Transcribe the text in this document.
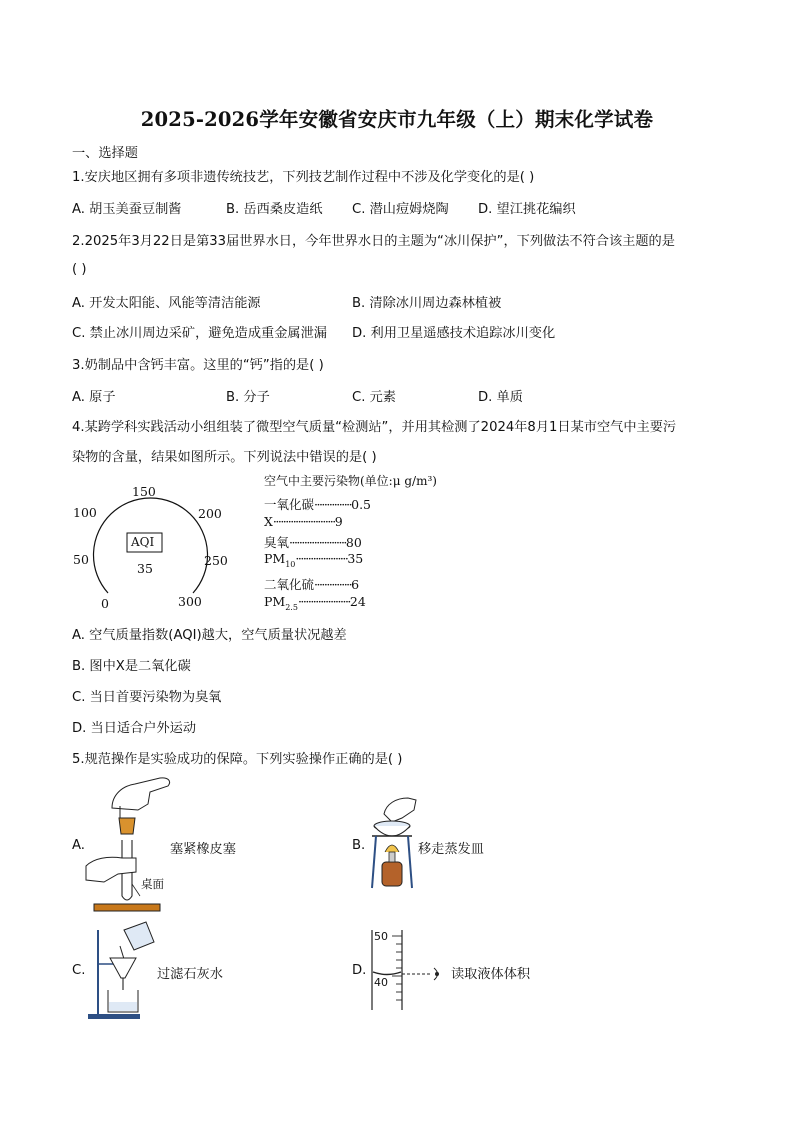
2025-2026学年安徽省安庆市九年级（上）期末化学试卷
一、选择题
1.安庆地区拥有多项非遗传统技艺，下列技艺制作过程中不涉及化学变化的是( )
A. 胡玉美蚕豆制酱	B. 岳西桑皮造纸 C. 潜山痘姆烧陶 D. 望江挑花编织
2.2025年3月22日是第33届世界水日，今年世界水日的主题为“冰川保护”，下列做法不符合该主题的是
( )
A. 开发太阳能、风能等清洁能源	B. 清除冰川周边森林植被
C. 禁止冰川周边采矿，避免造成重金属泄漏 D. 利用卫星遥感技术追踪冰川变化
3.奶制品中含钙丰富。这里的“钙”指的是( )
A. 原子	B. 分子	C. 元素	D. 单质
4.某跨学科实践活动小组组装了微型空气质量“检测站”，并用其检测了2024年8月1日某市空气中主要污
染物的含量，结果如图所示。下列说法中错误的是( )
0
50
100
150
200
250
300
AQI
35
空气中主要污染物(单位:μ g/m³)
一氧化碳···············0.5
X·························9
臭氧·······················80
$PM_{10}\cdot\cdot\cdot\cdot\cdot\cdot\cdot\cdot\cdot\cdot\cdot\cdot\cdot\cdot\cdot\cdot\cdot\cdot\cdot\cdot\cdot 35$
二氧化硫···············6
$PM_{2.5}\cdot\cdot\cdot\cdot\cdot\cdot\cdot\cdot\cdot\cdot\cdot\cdot\cdot\cdot\cdot\cdot\cdot\cdot\cdot\cdot\cdot 24$
A. 空气质量指数(AQI)越大，空气质量状况越差
B. 图中X是二氧化碳
C. 当日首要污染物为臭氧
D. 当日适合户外运动
5.规范操作是实验成功的保障。下列实验操作正确的是( )
A.
桌面
塞紧橡皮塞	B.	移走蒸发皿
C.	过滤石灰水	D.
50
40
读取液体体积
